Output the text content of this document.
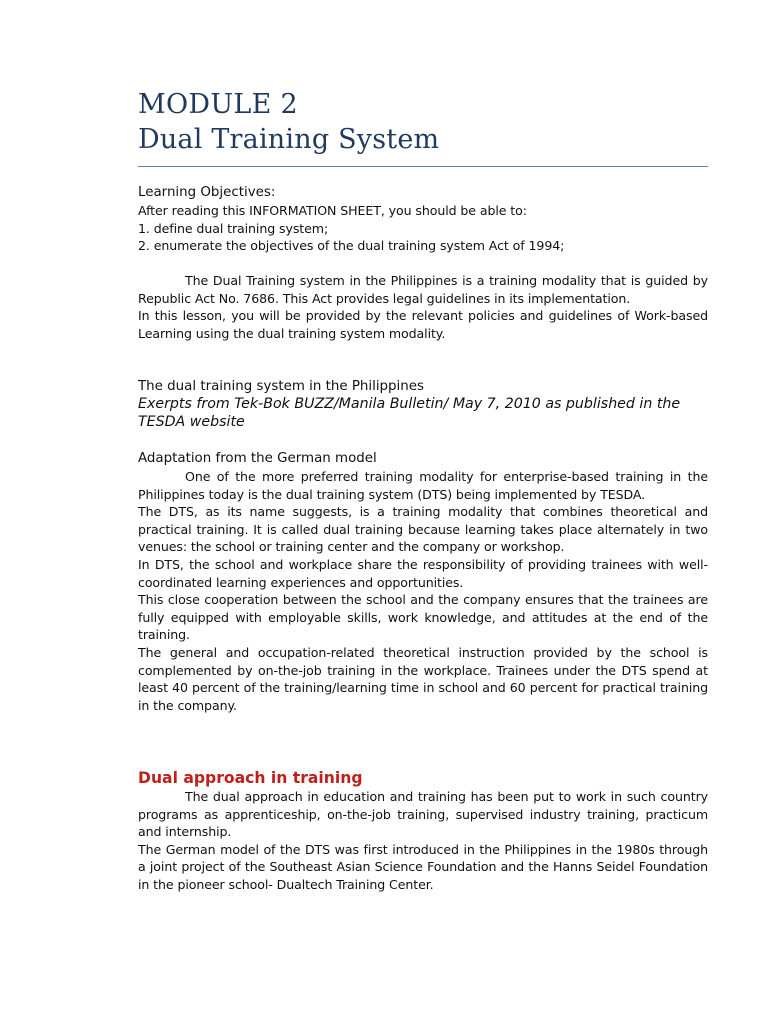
MODULE 2
Dual Training System

Learning Objectives:

After reading this INFORMATION SHEET, you should be able to:

1. define dual training system;

2. enumerate the objectives of the dual training system Act of 1994;

The Dual Training system in the Philippines is a training modality that is guided by Republic Act No. 7686. This Act provides legal guidelines in its implementation.

In this lesson, you will be provided by the relevant policies and guidelines of Work-based Learning using the dual training system modality.

The dual training system in the Philippines

Exerpts from Tek-Bok BUZZ/Manila Bulletin/ May 7, 2010 as published in the TESDA website

Adaptation from the German model

One of the more preferred training modality for enterprise-based training in the Philippines today is the dual training system (DTS) being implemented by TESDA.

The DTS, as its name suggests, is a training modality that combines theoretical and practical training. It is called dual training because learning takes place alternately in two venues: the school or training center and the company or workshop.

In DTS, the school and workplace share the responsibility of providing trainees with well-coordinated learning experiences and opportunities.

This close cooperation between the school and the company ensures that the trainees are fully equipped with employable skills, work knowledge, and attitudes at the end of the training.

The general and occupation-related theoretical instruction provided by the school is complemented by on-the-job training in the workplace. Trainees under the DTS spend at least 40 percent of the training/learning time in school and 60 percent for practical training in the company.

Dual approach in training

The dual approach in education and training has been put to work in such country programs as apprenticeship, on-the-job training, supervised industry training, practicum and internship.

The German model of the DTS was first introduced in the Philippines in the 1980s through a joint project of the Southeast Asian Science Foundation and the Hanns Seidel Foundation in the pioneer school- Dualtech Training Center.
